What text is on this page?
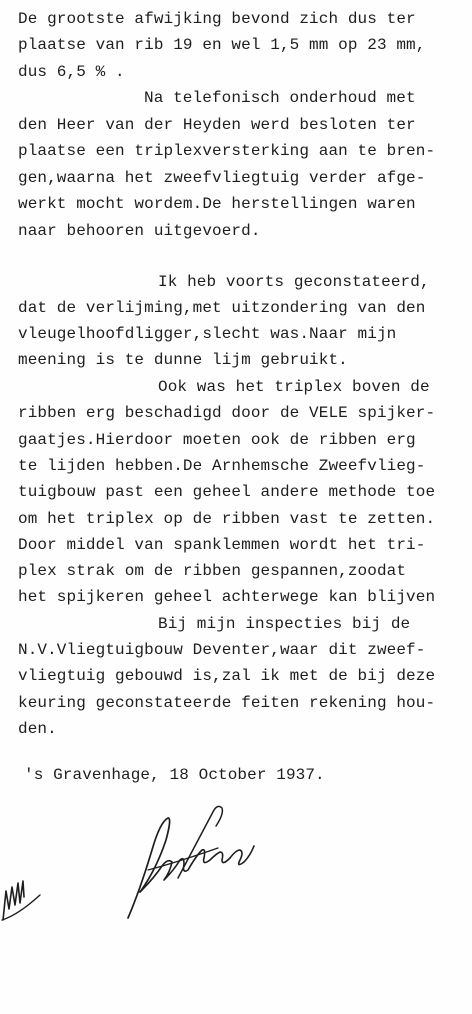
De grootste afwijking bevond zich dus ter
plaatse van rib 19 en wel 1,5 mm op 23 mm,
dus 6,5 % .
Na telefonisch onderhoud met
den Heer van der Heyden werd besloten ter
plaatse een triplexversterking aan te bren-
gen,waarna het zweefvliegtuig verder afge-
werkt mocht wordem.De herstellingen waren
naar behooren uitgevoerd.
Ik heb voorts geconstateerd,
dat de verlijming,met uitzondering van den
vleugelhoofdligger,slecht was.Naar mijn
meening is te dunne lijm gebruikt.
Ook was het triplex boven de
ribben erg beschadigd door de VELE spijker-
gaatjes.Hierdoor moeten ook de ribben erg
te lijden hebben.De Arnhemsche Zweefvlieg-
tuigbouw past een geheel andere methode toe
om het triplex op de ribben vast te zetten.
Door middel van spanklemmen wordt het tri-
plex strak om de ribben gespannen,zoodat
het spijkeren geheel achterwege kan blijven
Bij mijn inspecties bij de
N.V.Vliegtuigbouw Deventer,waar dit zweef-
vliegtuig gebouwd is,zal ik met de bij deze
keuring geconstateerde feiten rekening hou-
den.
's Gravenhage, 18 October 1937.
